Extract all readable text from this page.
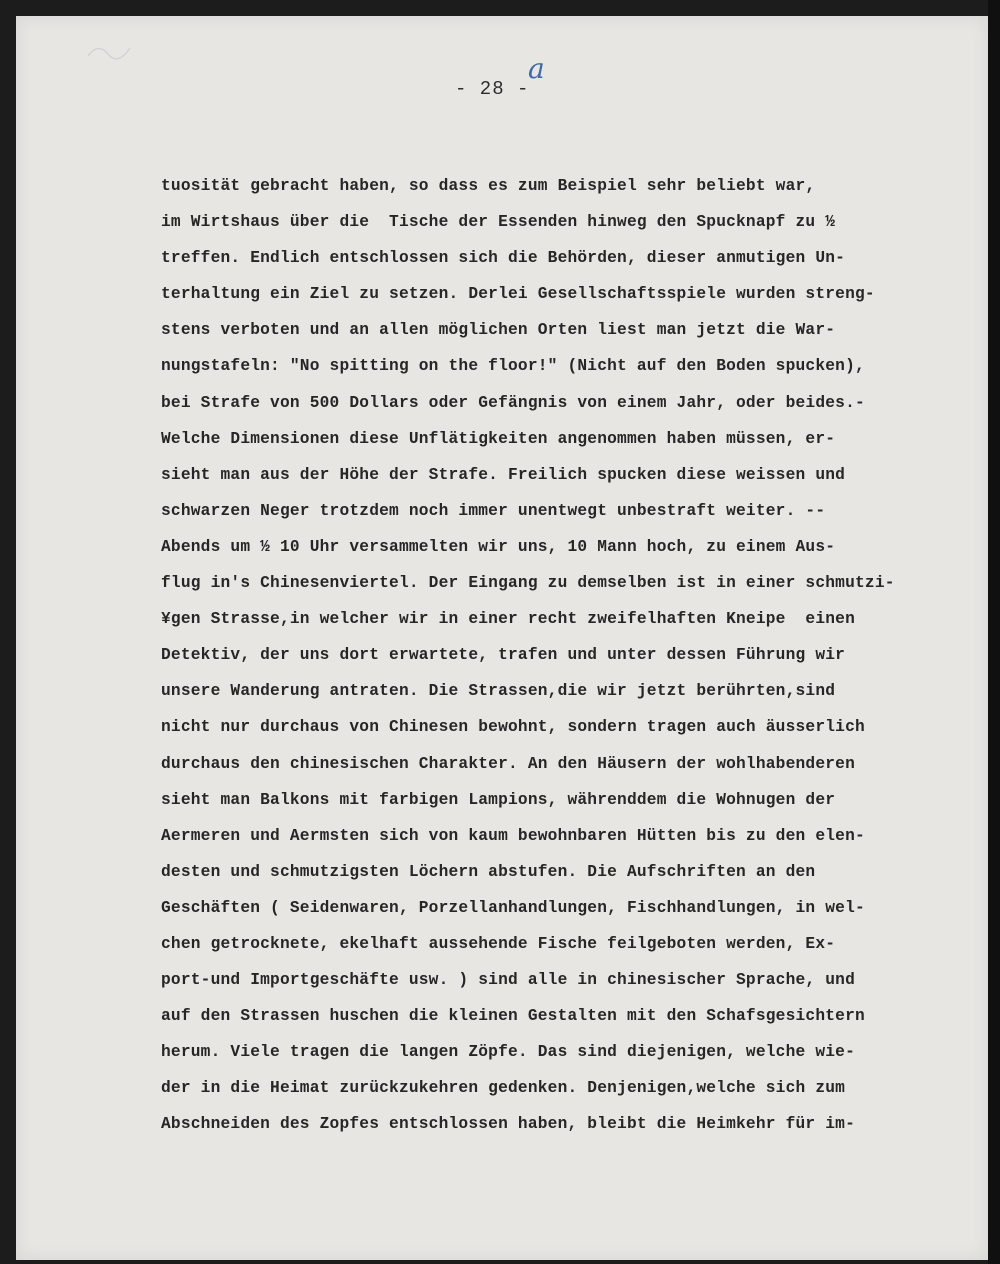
- 28 -
a
tuosität gebracht haben, so dass es zum Beispiel sehr beliebt war,
im Wirtshaus über die  Tische der Essenden hinweg den Spucknapf zu ½
treffen. Endlich entschlossen sich die Behörden, dieser anmutigen Un-
terhaltung ein Ziel zu setzen. Derlei Gesellschaftsspiele wurden streng-
stens verboten und an allen möglichen Orten liest man jetzt die War-
nungstafeln: "No spitting on the floor!" (Nicht auf den Boden spucken),
bei Strafe von 500 Dollars oder Gefängnis von einem Jahr, oder beides.-
Welche Dimensionen diese Unflätigkeiten angenommen haben müssen, er-
sieht man aus der Höhe der Strafe. Freilich spucken diese weissen und
schwarzen Neger trotzdem noch immer unentwegt unbestraft weiter. --
Abends um ½ 10 Uhr versammelten wir uns, 10 Mann hoch, zu einem Aus-
flug in's Chinesenviertel. Der Eingang zu demselben ist in einer schmutzi-
¥gen Strasse,in welcher wir in einer recht zweifelhaften Kneipe  einen
Detektiv, der uns dort erwartete, trafen und unter dessen Führung wir
unsere Wanderung antraten. Die Strassen,die wir jetzt berührten,sind
nicht nur durchaus von Chinesen bewohnt, sondern tragen auch äusserlich
durchaus den chinesischen Charakter. An den Häusern der wohlhabenderen
sieht man Balkons mit farbigen Lampions, währenddem die Wohnugen der
Aermeren und Aermsten sich von kaum bewohnbaren Hütten bis zu den elen-
desten und schmutzigsten Löchern abstufen. Die Aufschriften an den
Geschäften ( Seidenwaren, Porzellanhandlungen, Fischhandlungen, in wel-
chen getrocknete, ekelhaft aussehende Fische feilgeboten werden, Ex-
port-und Importgeschäfte usw. ) sind alle in chinesischer Sprache, und
auf den Strassen huschen die kleinen Gestalten mit den Schafsgesichtern
herum. Viele tragen die langen Zöpfe. Das sind diejenigen, welche wie-
der in die Heimat zurückzukehren gedenken. Denjenigen,welche sich zum
Abschneiden des Zopfes entschlossen haben, bleibt die Heimkehr für im-
